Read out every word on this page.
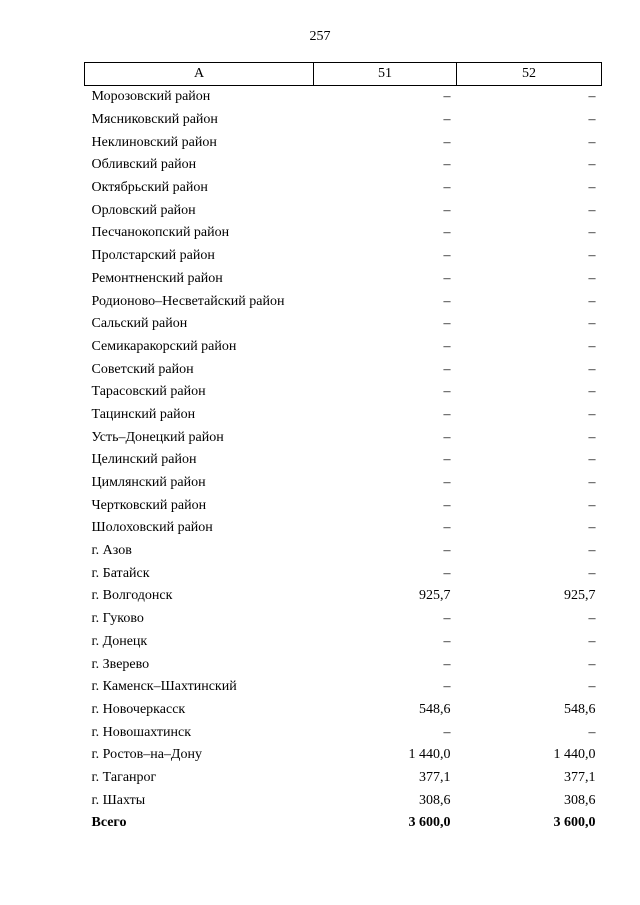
257
А	51	52
Морозовский район	–	–
Мясниковский район	–	–
Неклиновский район	–	–
Обливский район	–	–
Октябрьский район	–	–
Орловский район	–	–
Песчанокопский район	–	–
Пролстарский район	–	–
Ремонтненский район	–	–
Родионово–Несветайский район	–	–
Сальский район	–	–
Семикаракорский район	–	–
Советский район	–	–
Тарасовский район	–	–
Тацинский район	–	–
Усть–Донецкий район	–	–
Целинский район	–	–
Цимлянский район	–	–
Чертковский район	–	–
Шолоховский район	–	–
г. Азов	–	–
г. Батайск	–	–
г. Волгодонск	925,7	925,7
г. Гуково	–	–
г. Донецк	–	–
г. Зверево	–	–
г. Каменск–Шахтинский	–	–
г. Новочеркасск	548,6	548,6
г. Новошахтинск	–	–
г. Ростов–на–Дону	1 440,0	1 440,0
г. Таганрог	377,1	377,1
г. Шахты	308,6	308,6
Всего	3 600,0	3 600,0
